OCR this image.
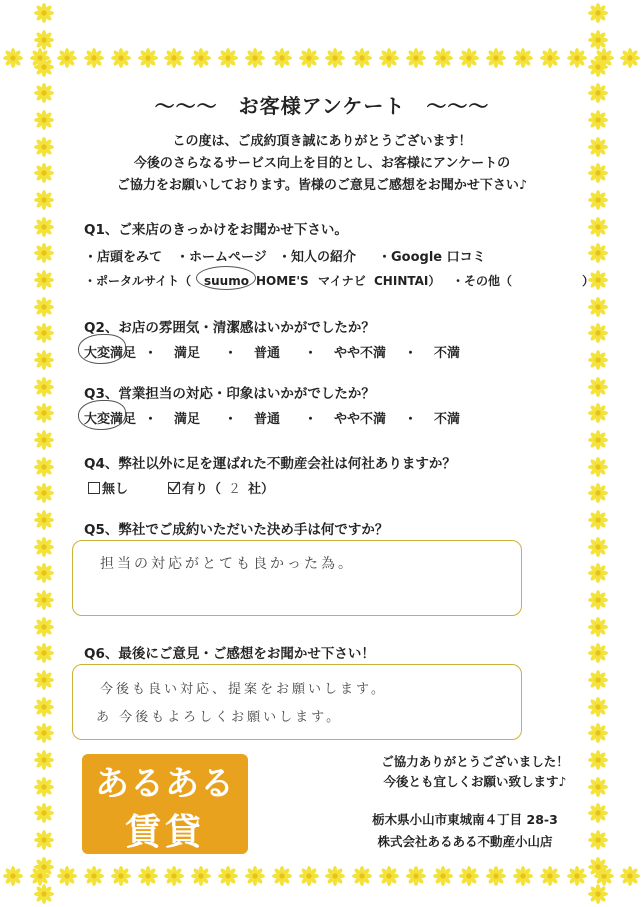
～～～　お客様アンケート　～～～
この度は、ご成約頂き誠にありがとうございます！
今後のさらなるサービス向上を目的とし、お客様にアンケートの
ご協力をお願いしております。皆様のご意見ご感想をお聞かせ下さい♪
Q1、ご来店のきっかけをお聞かせ下さい。
・店頭をみて	・ホームページ ・知人の紹介	・Google 口コミ
・ポータルサイト（	suumo HOME'S マイナビ CHINTAI） ・その他（	）
Q2、お店の雰囲気・清潔感はいかがでしたか？
大変満足 ・	満足	・	普通	・	やや不満	・	不満
Q3、営業担当の対応・印象はいかがでしたか？
大変満足 ・	満足	・	普通	・	やや不満	・	不満
Q4、弊社以外に足を運ばれた不動産会社は何社ありますか？
無し	有り（ ２ 社）
Q5、弊社でご成約いただいた決め手は何ですか？
担当の対応がとても良かった為。
Q6、最後にご意見・ご感想をお聞かせ下さい！
今後も良い対応、提案をお願いします。
あ 今後もよろしくお願いします。
あるある
賃貸
ご協力ありがとうございました！
今後とも宜しくお願い致します♪
栃木県小山市東城南４丁目 28-3
株式会社あるある不動産小山店
